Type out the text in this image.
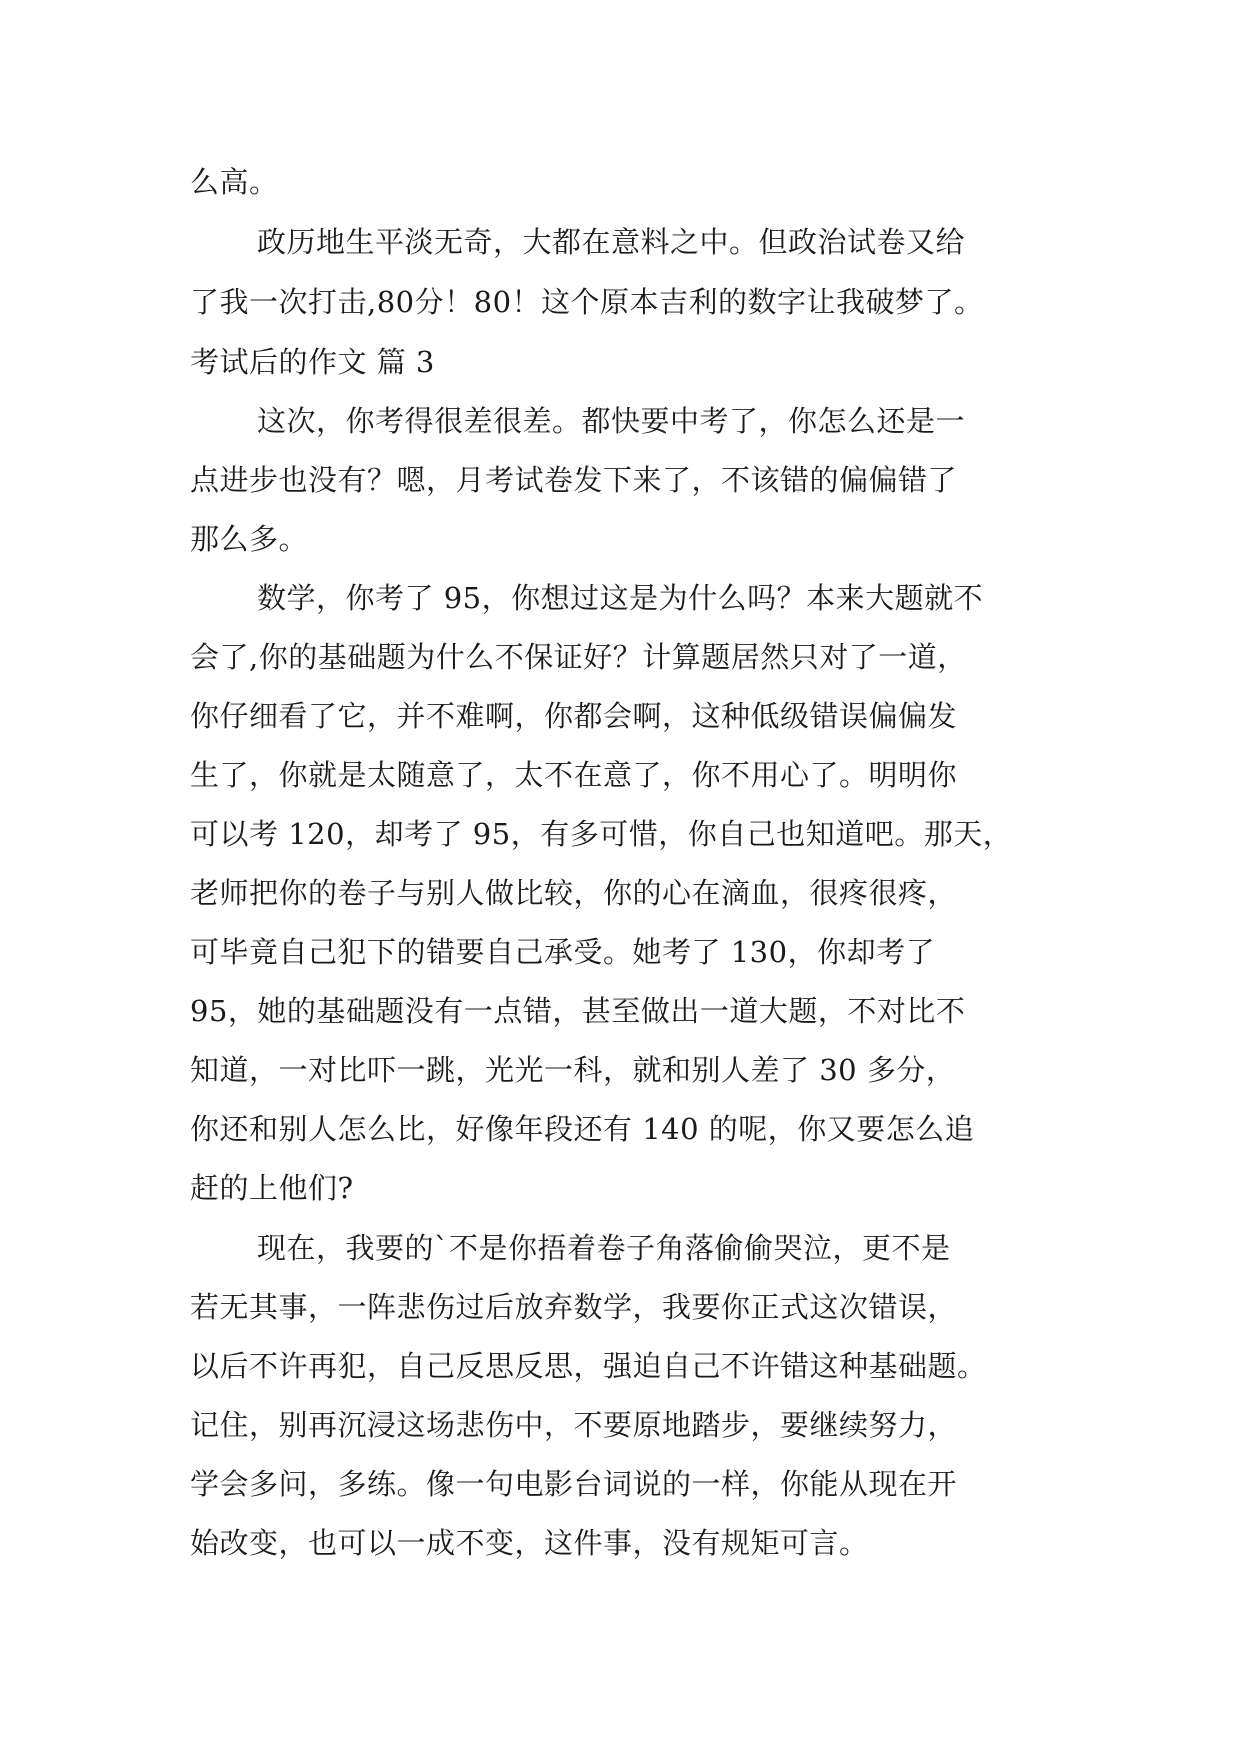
么高。
政历地生平淡无奇，大都在意料之中。但政治试卷又给
了我一次打击,80分！80！这个原本吉利的数字让我破梦了。
考试后的作文 篇 3
这次，你考得很差很差。都快要中考了，你怎么还是一
点进步也没有？嗯，月考试卷发下来了，不该错的偏偏错了
那么多。
数学，你考了 95，你想过这是为什么吗？本来大题就不
会了,你的基础题为什么不保证好？计算题居然只对了一道，
你仔细看了它，并不难啊，你都会啊，这种低级错误偏偏发
生了，你就是太随意了，太不在意了，你不用心了。明明你
可以考 120，却考了 95，有多可惜，你自己也知道吧。那天，
老师把你的卷子与别人做比较，你的心在滴血，很疼很疼，
可毕竟自己犯下的错要自己承受。她考了 130，你却考了
95，她的基础题没有一点错，甚至做出一道大题，不对比不
知道，一对比吓一跳，光光一科，就和别人差了 30 多分，
你还和别人怎么比，好像年段还有 140 的呢，你又要怎么追
赶的上他们?
现在，我要的`不是你捂着卷子角落偷偷哭泣，更不是
若无其事，一阵悲伤过后放弃数学，我要你正式这次错误，
以后不许再犯，自己反思反思，强迫自己不许错这种基础题。
记住，别再沉浸这场悲伤中，不要原地踏步，要继续努力，
学会多问，多练。像一句电影台词说的一样，你能从现在开
始改变，也可以一成不变，这件事，没有规矩可言。
